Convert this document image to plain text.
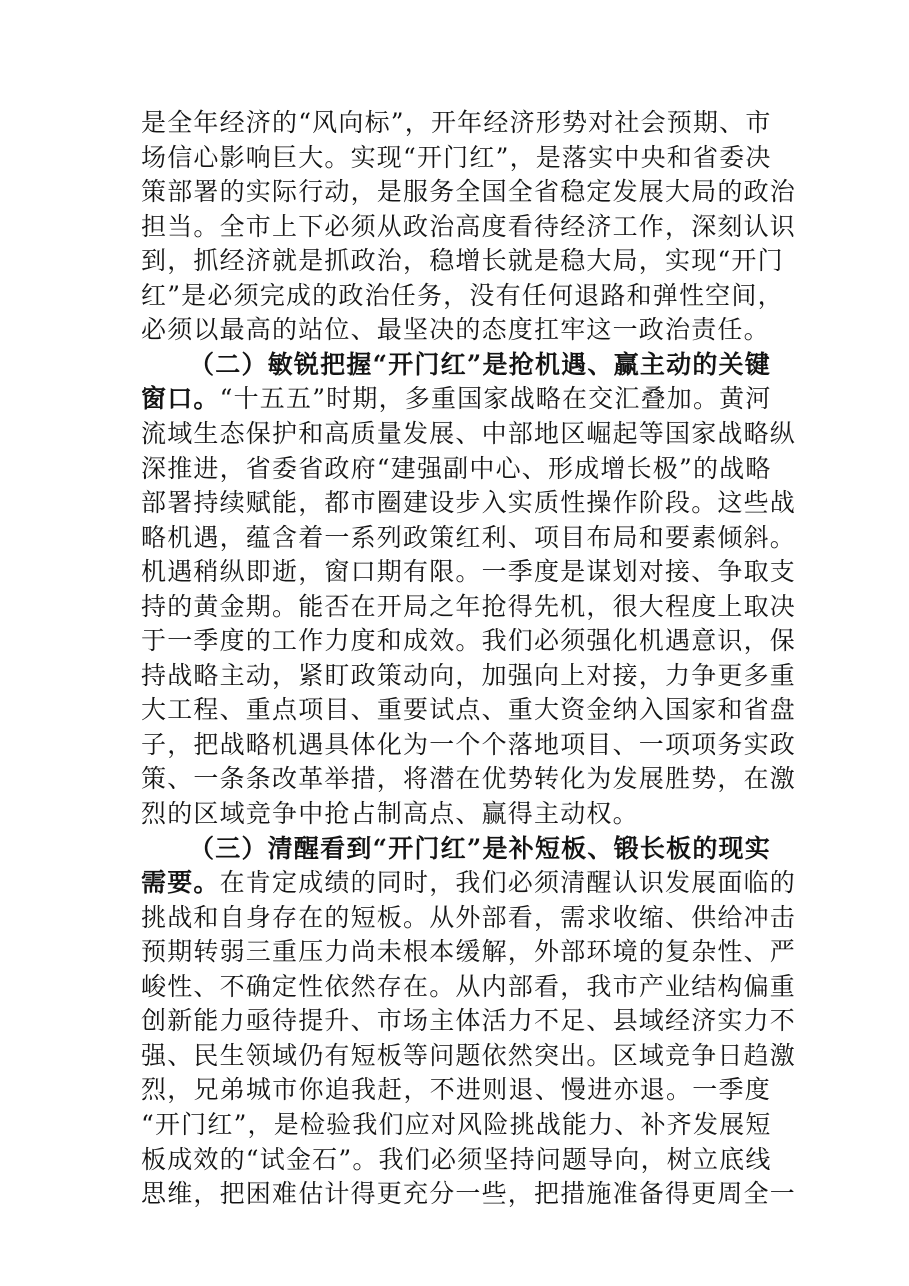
是全年经济的“风向标”，开年经济形势对社会预期、市
场信心影响巨大。实现“开门红”，是落实中央和省委决
策部署的实际行动，是服务全国全省稳定发展大局的政治
担当。全市上下必须从政治高度看待经济工作，深刻认识
到，抓经济就是抓政治，稳增长就是稳大局，实现“开门
红”是必须完成的政治任务，没有任何退路和弹性空间，
必须以最高的站位、最坚决的态度扛牢这一政治责任。
（二）敏锐把握“开门红”是抢机遇、赢主动的关键
窗口。“十五五”时期，多重国家战略在交汇叠加。黄河
流域生态保护和高质量发展、中部地区崛起等国家战略纵
深推进，省委省政府“建强副中心、形成增长极”的战略
部署持续赋能，都市圈建设步入实质性操作阶段。这些战
略机遇，蕴含着一系列政策红利、项目布局和要素倾斜。
机遇稍纵即逝，窗口期有限。一季度是谋划对接、争取支
持的黄金期。能否在开局之年抢得先机，很大程度上取决
于一季度的工作力度和成效。我们必须强化机遇意识，保
持战略主动，紧盯政策动向，加强向上对接，力争更多重
大工程、重点项目、重要试点、重大资金纳入国家和省盘
子，把战略机遇具体化为一个个落地项目、一项项务实政
策、一条条改革举措，将潜在优势转化为发展胜势，在激
烈的区域竞争中抢占制高点、赢得主动权。
（三）清醒看到“开门红”是补短板、锻长板的现实
需要。在肯定成绩的同时，我们必须清醒认识发展面临的
挑战和自身存在的短板。从外部看，需求收缩、供给冲击
预期转弱三重压力尚未根本缓解，外部环境的复杂性、严
峻性、不确定性依然存在。从内部看，我市产业结构偏重
创新能力亟待提升、市场主体活力不足、县域经济实力不
强、民生领域仍有短板等问题依然突出。区域竞争日趋激
烈，兄弟城市你追我赶，不进则退、慢进亦退。一季度
“开门红”，是检验我们应对风险挑战能力、补齐发展短
板成效的“试金石”。我们必须坚持问题导向，树立底线
思维，把困难估计得更充分一些，把措施准备得更周全一
